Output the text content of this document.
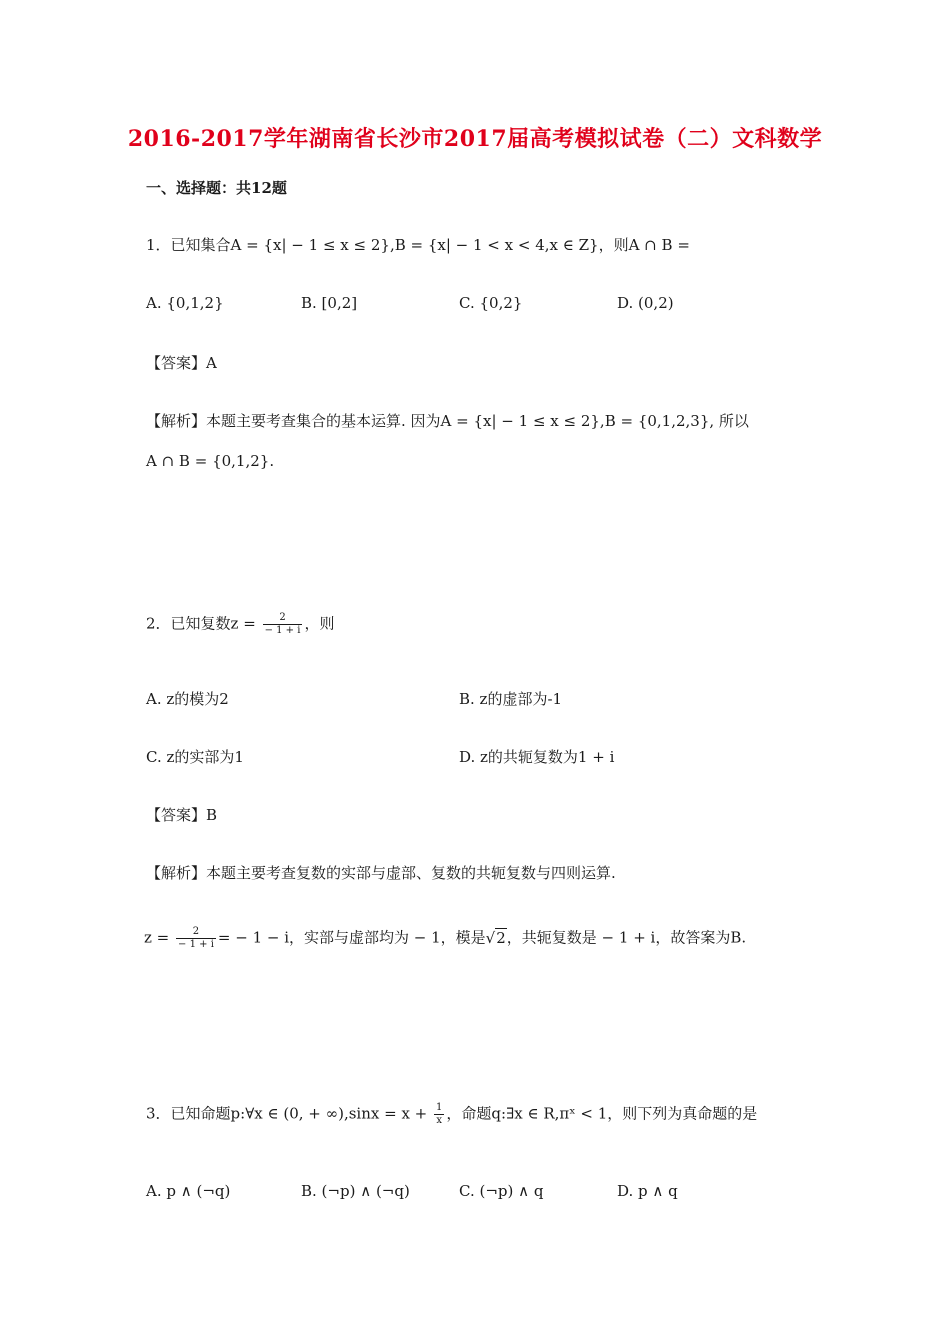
2016-2017学年湖南省长沙市2017届高考模拟试卷（二）文科数学
一、选择题：共12题
1．已知集合A = {x| − 1 ≤ x ≤ 2},B = {x| − 1 < x < 4,x ∈ Z}，则A ∩ B =
A. {0,1,2}	B. [0,2]	C. {0,2}	D. (0,2)
【答案】A
【解析】本题主要考查集合的基本运算. 因为A = {x| − 1 ≤ x ≤ 2},B = {0,1,2,3}, 所以
A ∩ B = {0,1,2}.
2．已知复数$z = \frac{2}{- 1 + i}$ ，则
A. z的模为2	B. z的虚部为-1
C. z的实部为1	D. z的共轭复数为1 + i
【答案】B
【解析】本题主要考查复数的实部与虚部、复数的共轭复数与四则运算.
$z = \frac{2}{- 1 + i}$ = − 1 − i，实部与虚部均为 − 1，模是√2，共轭复数是 − 1 + i，故答案为B.
3．已知命题p:∀x ∈ (0, + $\infty),\sin x = x + \frac{1}{x}$ ，命题q:∃x ∈ R,πˣ < 1，则下列为真命题的是
A. p ∧ (¬q)	B. (¬p) ∧ (¬q)	C. (¬p) ∧ q	D. p ∧ q
